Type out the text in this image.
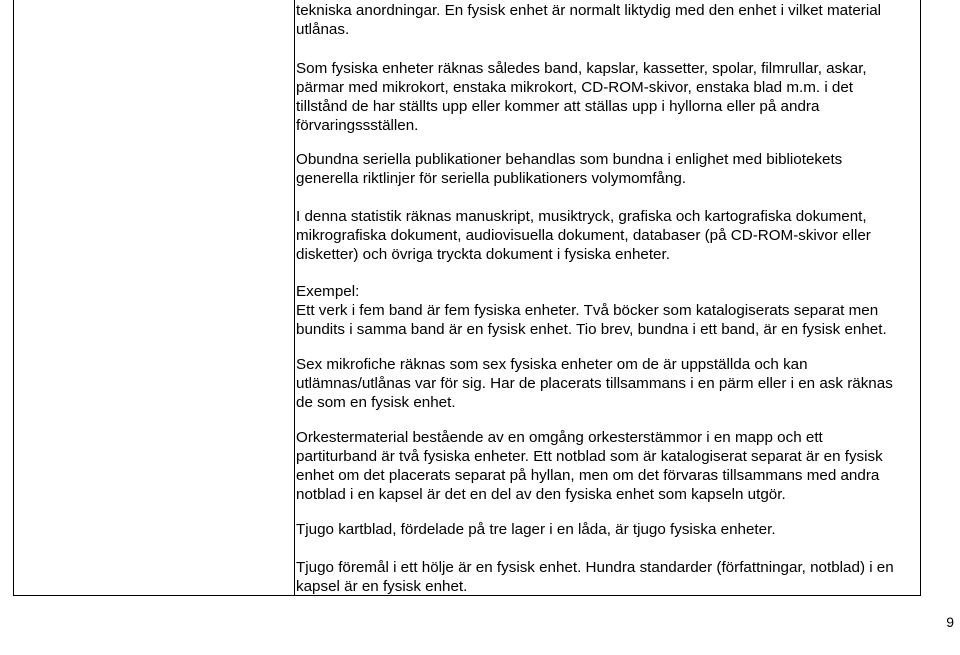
tekniska anordningar. En fysisk enhet är normalt liktydig med den enhet i vilket material
utlånas.

Som fysiska enheter räknas således band, kapslar, kassetter, spolar, filmrullar, askar,
pärmar med mikrokort, enstaka mikrokort, CD-ROM-skivor, enstaka blad m.m. i det
tillstånd de har ställts upp eller kommer att ställas upp i hyllorna eller på andra
förvaringssställen.

Obundna seriella publikationer behandlas som bundna i enlighet med bibliotekets
generella riktlinjer för seriella publikationers volymomfång.

I denna statistik räknas manuskript, musiktryck, grafiska och kartografiska dokument,
mikrografiska dokument, audiovisuella dokument, databaser (på CD-ROM-skivor eller
disketter) och övriga tryckta dokument i fysiska enheter.

Exempel:
Ett verk i fem band är fem fysiska enheter. Två böcker som katalogiserats separat men
bundits i samma band är en fysisk enhet. Tio brev, bundna i ett band, är en fysisk enhet.

Sex mikrofiche räknas som sex fysiska enheter om de är uppställda och kan
utlämnas/utlånas var för sig. Har de placerats tillsammans i en pärm eller i en ask räknas
de som en fysisk enhet.

Orkestermaterial bestående av en omgång orkesterstämmor i en mapp och ett
partiturband är två fysiska enheter. Ett notblad som är katalogiserat separat är en fysisk
enhet om det placerats separat på hyllan, men om det förvaras tillsammans med andra
notblad i en kapsel är det en del av den fysiska enhet som kapseln utgör.

Tjugo kartblad, fördelade på tre lager i en låda, är tjugo fysiska enheter.

Tjugo föremål i ett hölje är en fysisk enhet. Hundra standarder (författningar, notblad) i en
kapsel är en fysisk enhet.

9
